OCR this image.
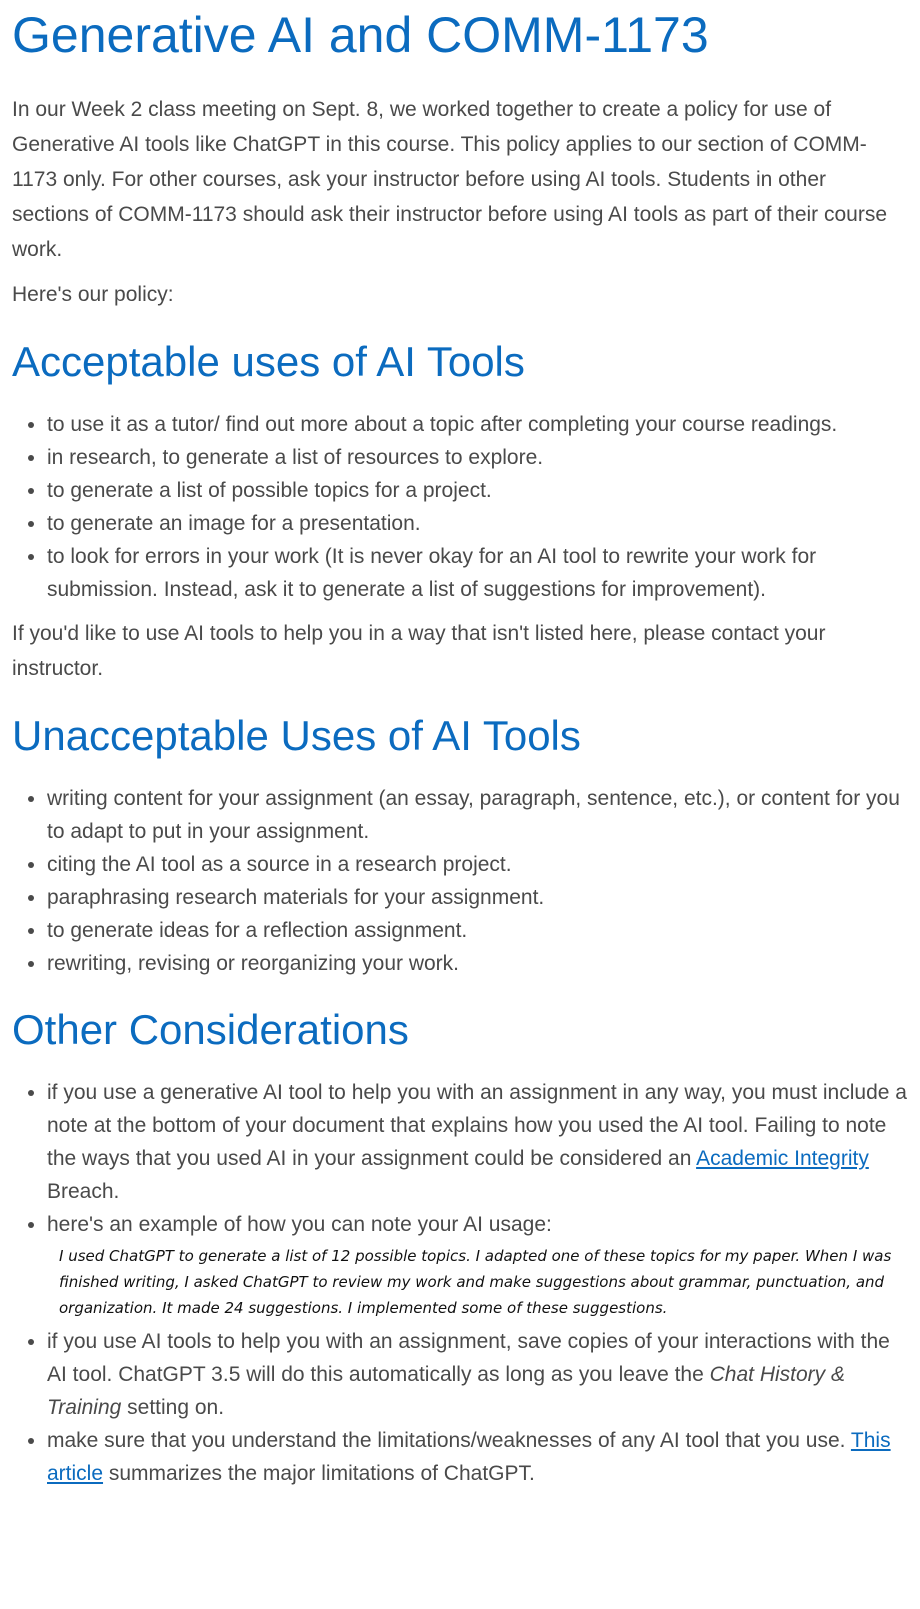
Generative AI and COMM-1173

In our Week 2 class meeting on Sept. 8, we worked together to create a policy for use of Generative AI tools like ChatGPT in this course. This policy applies to our section of COMM-1173 only. For other courses, ask your instructor before using AI tools. Students in other sections of COMM-1173 should ask their instructor before using AI tools as part of their course work.

Here's our policy:

Acceptable uses of AI Tools
• to use it as a tutor/ find out more about a topic after completing your course readings.
• in research, to generate a list of resources to explore.
• to generate a list of possible topics for a project.
• to generate an image for a presentation.
• to look for errors in your work (It is never okay for an AI tool to rewrite your work for submission. Instead, ask it to generate a list of suggestions for improvement).

If you'd like to use AI tools to help you in a way that isn't listed here, please contact your instructor.

Unacceptable Uses of AI Tools
• writing content for your assignment (an essay, paragraph, sentence, etc.), or content for you to adapt to put in your assignment.
• citing the AI tool as a source in a research project.
• paraphrasing research materials for your assignment.
• to generate ideas for a reflection assignment.
• rewriting, revising or reorganizing your work.
Other Considerations
• if you use a generative AI tool to help you with an assignment in any way, you must include a note at the bottom of your document that explains how you used the AI tool. Failing to note the ways that you used AI in your assignment could be considered an Academic Integrity Breach.
• here's an example of how you can note your AI usage:
I used ChatGPT to generate a list of 12 possible topics. I adapted one of these topics for my paper. When I was finished writing, I asked ChatGPT to review my work and make suggestions about grammar, punctuation, and organization. It made 24 suggestions. I implemented some of these suggestions.
• if you use AI tools to help you with an assignment, save copies of your interactions with the AI tool. ChatGPT 3.5 will do this automatically as long as you leave the Chat History & Training setting on.
• make sure that you understand the limitations/weaknesses of any AI tool that you use. This article summarizes the major limitations of ChatGPT.
